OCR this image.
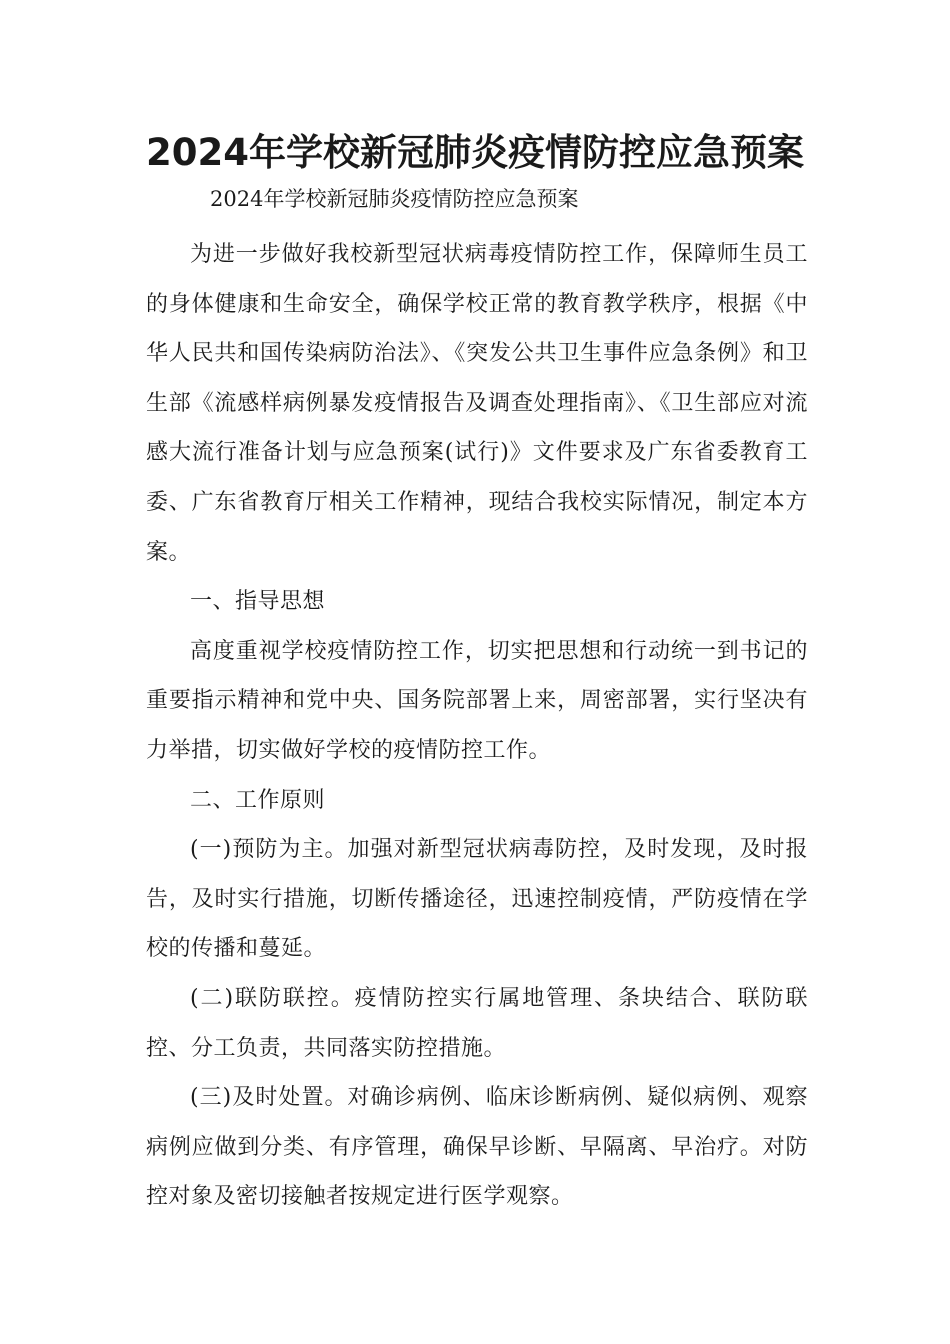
2024年学校新冠肺炎疫情防控应急预案

2024年学校新冠肺炎疫情防控应急预案

为进一步做好我校新型冠状病毒疫情防控工作，保障师生员工的身体健康和生命安全，确保学校正常的教育教学秩序，根据《中华人民共和国传染病防治法》、《突发公共卫生事件应急条例》和卫生部《流感样病例暴发疫情报告及调查处理指南》、《卫生部应对流感大流行准备计划与应急预案(试行)》文件要求及广东省委教育工委、广东省教育厅相关工作精神，现结合我校实际情况，制定本方案。

一、指导思想

高度重视学校疫情防控工作，切实把思想和行动统一到书记的重要指示精神和党中央、国务院部署上来，周密部署，实行坚决有力举措，切实做好学校的疫情防控工作。

二、工作原则

(一)预防为主。加强对新型冠状病毒防控，及时发现，及时报告，及时实行措施，切断传播途径，迅速控制疫情，严防疫情在学校的传播和蔓延。

(二)联防联控。疫情防控实行属地管理、条块结合、联防联控、分工负责，共同落实防控措施。

(三)及时处置。对确诊病例、临床诊断病例、疑似病例、观察病例应做到分类、有序管理，确保早诊断、早隔离、早治疗。对防控对象及密切接触者按规定进行医学观察。
